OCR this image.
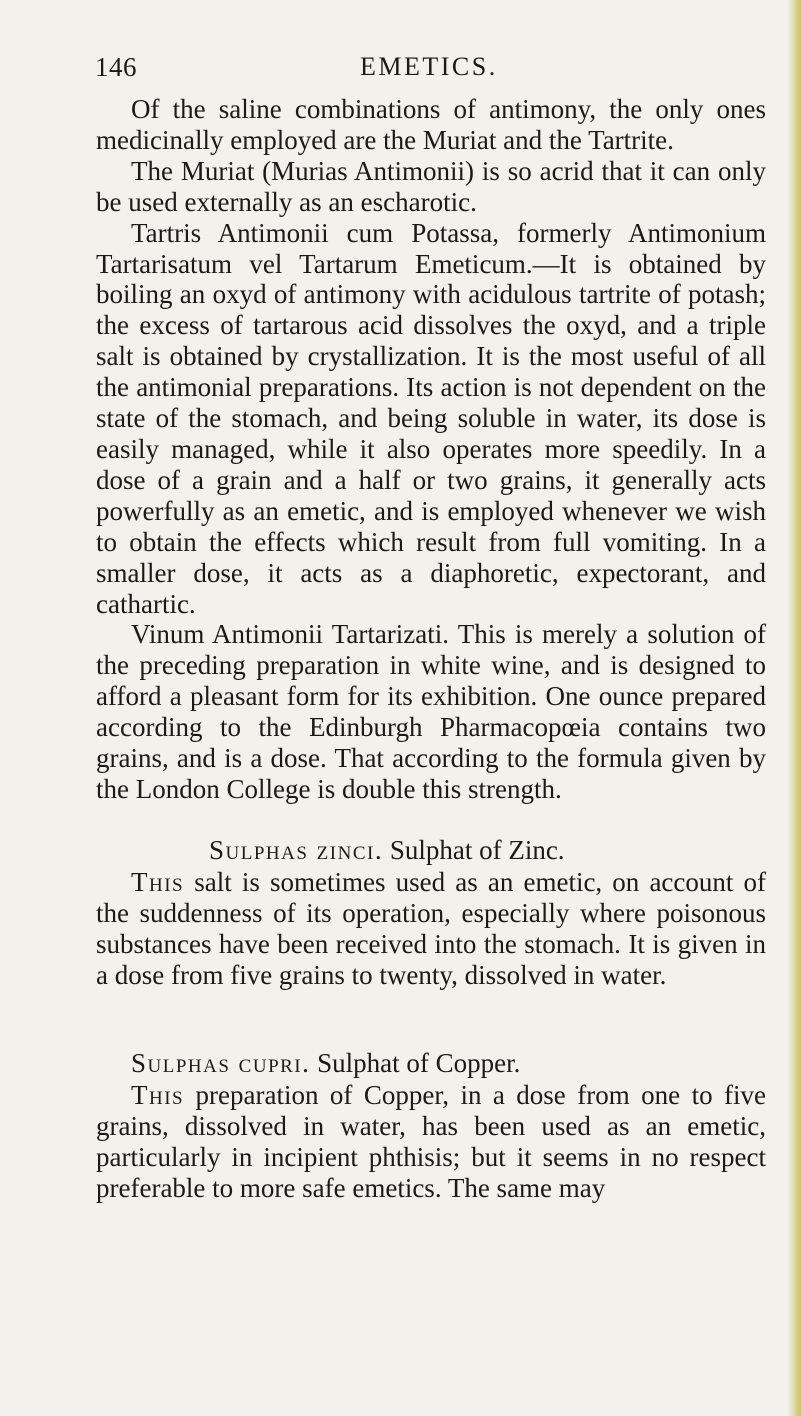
146	EMETICS.

Of the saline combinations of antimony, the only ones medicinally employed are the Muriat and the Tartrite.

The Muriat (Murias Antimonii) is so acrid that it can only be used externally as an escharotic.

Tartris Antimonii cum Potassa, formerly Antimonium Tartarisatum vel Tartarum Emeticum.—It is obtained by boiling an oxyd of antimony with acidulous tartrite of potash; the excess of tartarous acid dissolves the oxyd, and a triple salt is obtained by crystallization. It is the most useful of all the antimonial preparations. Its action is not dependent on the state of the stomach, and being soluble in water, its dose is easily managed, while it also operates more speedily. In a dose of a grain and a half or two grains, it generally acts powerfully as an emetic, and is employed whenever we wish to obtain the effects which result from full vomiting. In a smaller dose, it acts as a diaphoretic, expectorant, and cathartic.

Vinum Antimonii Tartarizati. This is merely a solution of the preceding preparation in white wine, and is designed to afford a pleasant form for its exhibition. One ounce prepared according to the Edinburgh Pharmacopœia contains two grains, and is a dose. That according to the formula given by the London College is double this strength.

Sulphas zinci. Sulphat of Zinc.

This salt is sometimes used as an emetic, on account of the suddenness of its operation, especially where poisonous substances have been received into the stomach. It is given in a dose from five grains to twenty, dissolved in water.

Sulphas cupri. Sulphat of Copper.

This preparation of Copper, in a dose from one to five grains, dissolved in water, has been used as an emetic, particularly in incipient phthisis; but it seems in no respect preferable to more safe emetics. The same may
